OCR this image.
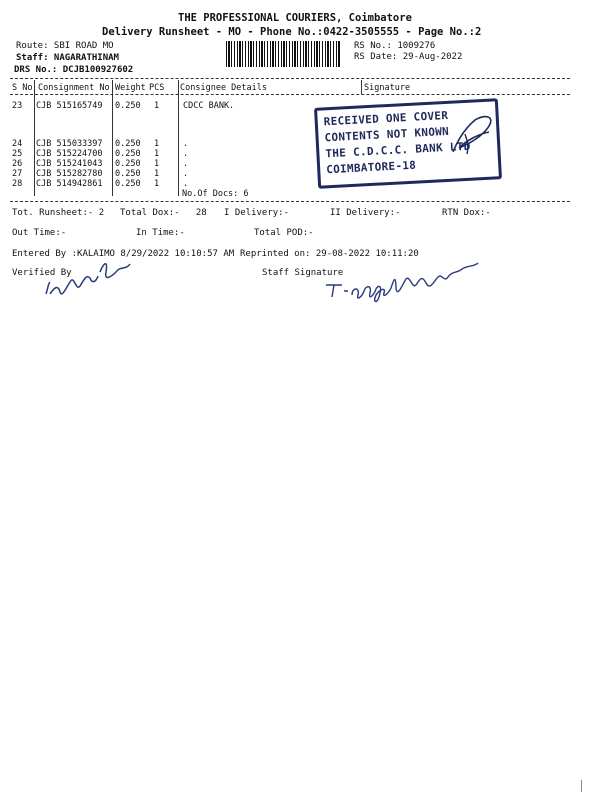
THE PROFESSIONAL COURIERS, Coimbatore
Delivery Runsheet - MO - Phone No.:0422-3505555 - Page No.:2
Route: SBI ROAD MO
Staff: NAGARATHINAM
DRS No.: DCJB100927602
RS No.: 1009276
RS Date: 29-Aug-2022
S No Consignment No Weight PCS Consignee Details	Signature
23 CJB 515165749 0.250 1	CDCC BANK.
24 CJB 515033397 0.250 1	.
25 CJB 515224700 0.250 1	.
26 CJB 515241043 0.250 1	.
27 CJB 515282780 0.250 1	.
28 CJB 514942861 0.250 1	.
No.Of Docs: 6
RECEIVED ONE COVER
CONTENTS NOT KNOWN
THE C.D.C.C. BANK LTD
COIMBATORE-18
Tot. Runsheet:- 2 Total Dox:-   28 I Delivery:-	II Delivery:-	RTN Dox:-
Out Time:-	In Time:-	Total POD:-
Entered By :KALAIMO 8/29/2022 10:10:57 AM Reprinted on: 29-08-2022 10:11:20
Verified By	Staff Signature
